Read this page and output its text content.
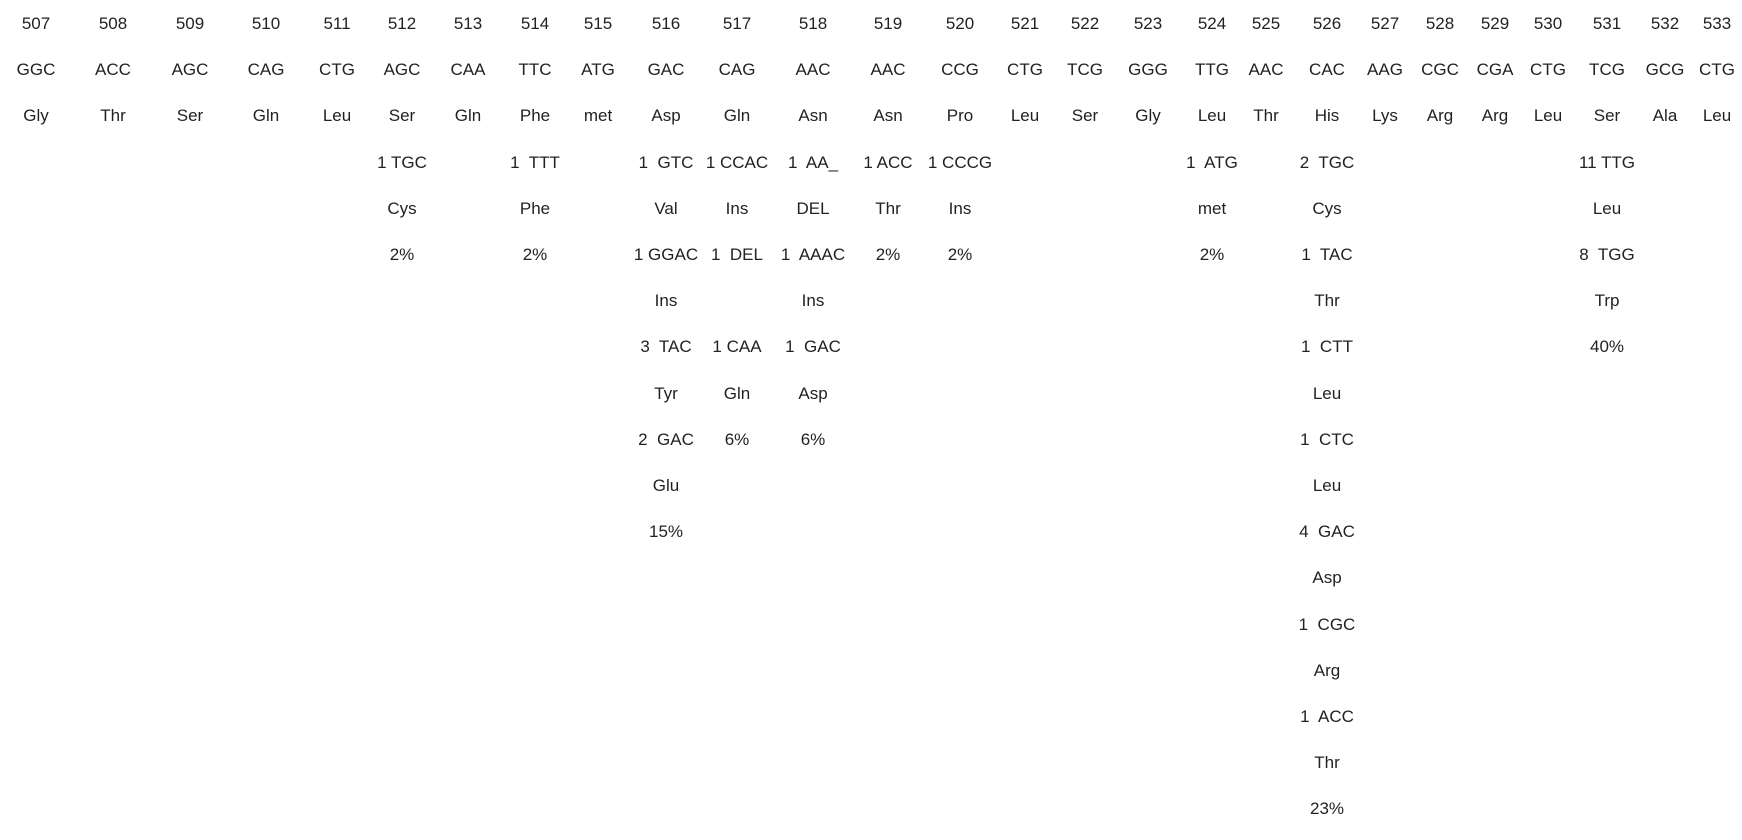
507
GGC
Gly
508
ACC
Thr
509
AGC
Ser
510
CAG
Gln
511
CTG
Leu
512
AGC
Ser
1 TGC
Cys
2%
513
CAA
Gln
514
TTC
Phe
1  TTT
Phe
2%
515
ATG
met
516
GAC
Asp
1  GTC
Val
1 GGAC
Ins
3  TAC
Tyr
2  GAC
Glu
15%
517
CAG
Gln
1 CCAC
Ins
1  DEL
1 CAA
Gln
6%
518
AAC
Asn
1  AA_
DEL
1  AAAC
Ins
1  GAC
Asp
6%
519
AAC
Asn
1 ACC
Thr
2%
520
CCG
Pro
1 CCCG
Ins
2%
521
CTG
Leu
522
TCG
Ser
523
GGG
Gly
524
TTG
Leu
1  ATG
met
2%
525
AAC
Thr
526
CAC
His
2  TGC
Cys
1  TAC
Thr
1  CTT
Leu
1  CTC
Leu
4  GAC
Asp
1  CGC
Arg
1  ACC
Thr
23%
527
AAG
Lys
528
CGC
Arg
529
CGA
Arg
530
CTG
Leu
531
TCG
Ser
11 TTG
Leu
8  TGG
Trp
40%
532
GCG
Ala
533
CTG
Leu
